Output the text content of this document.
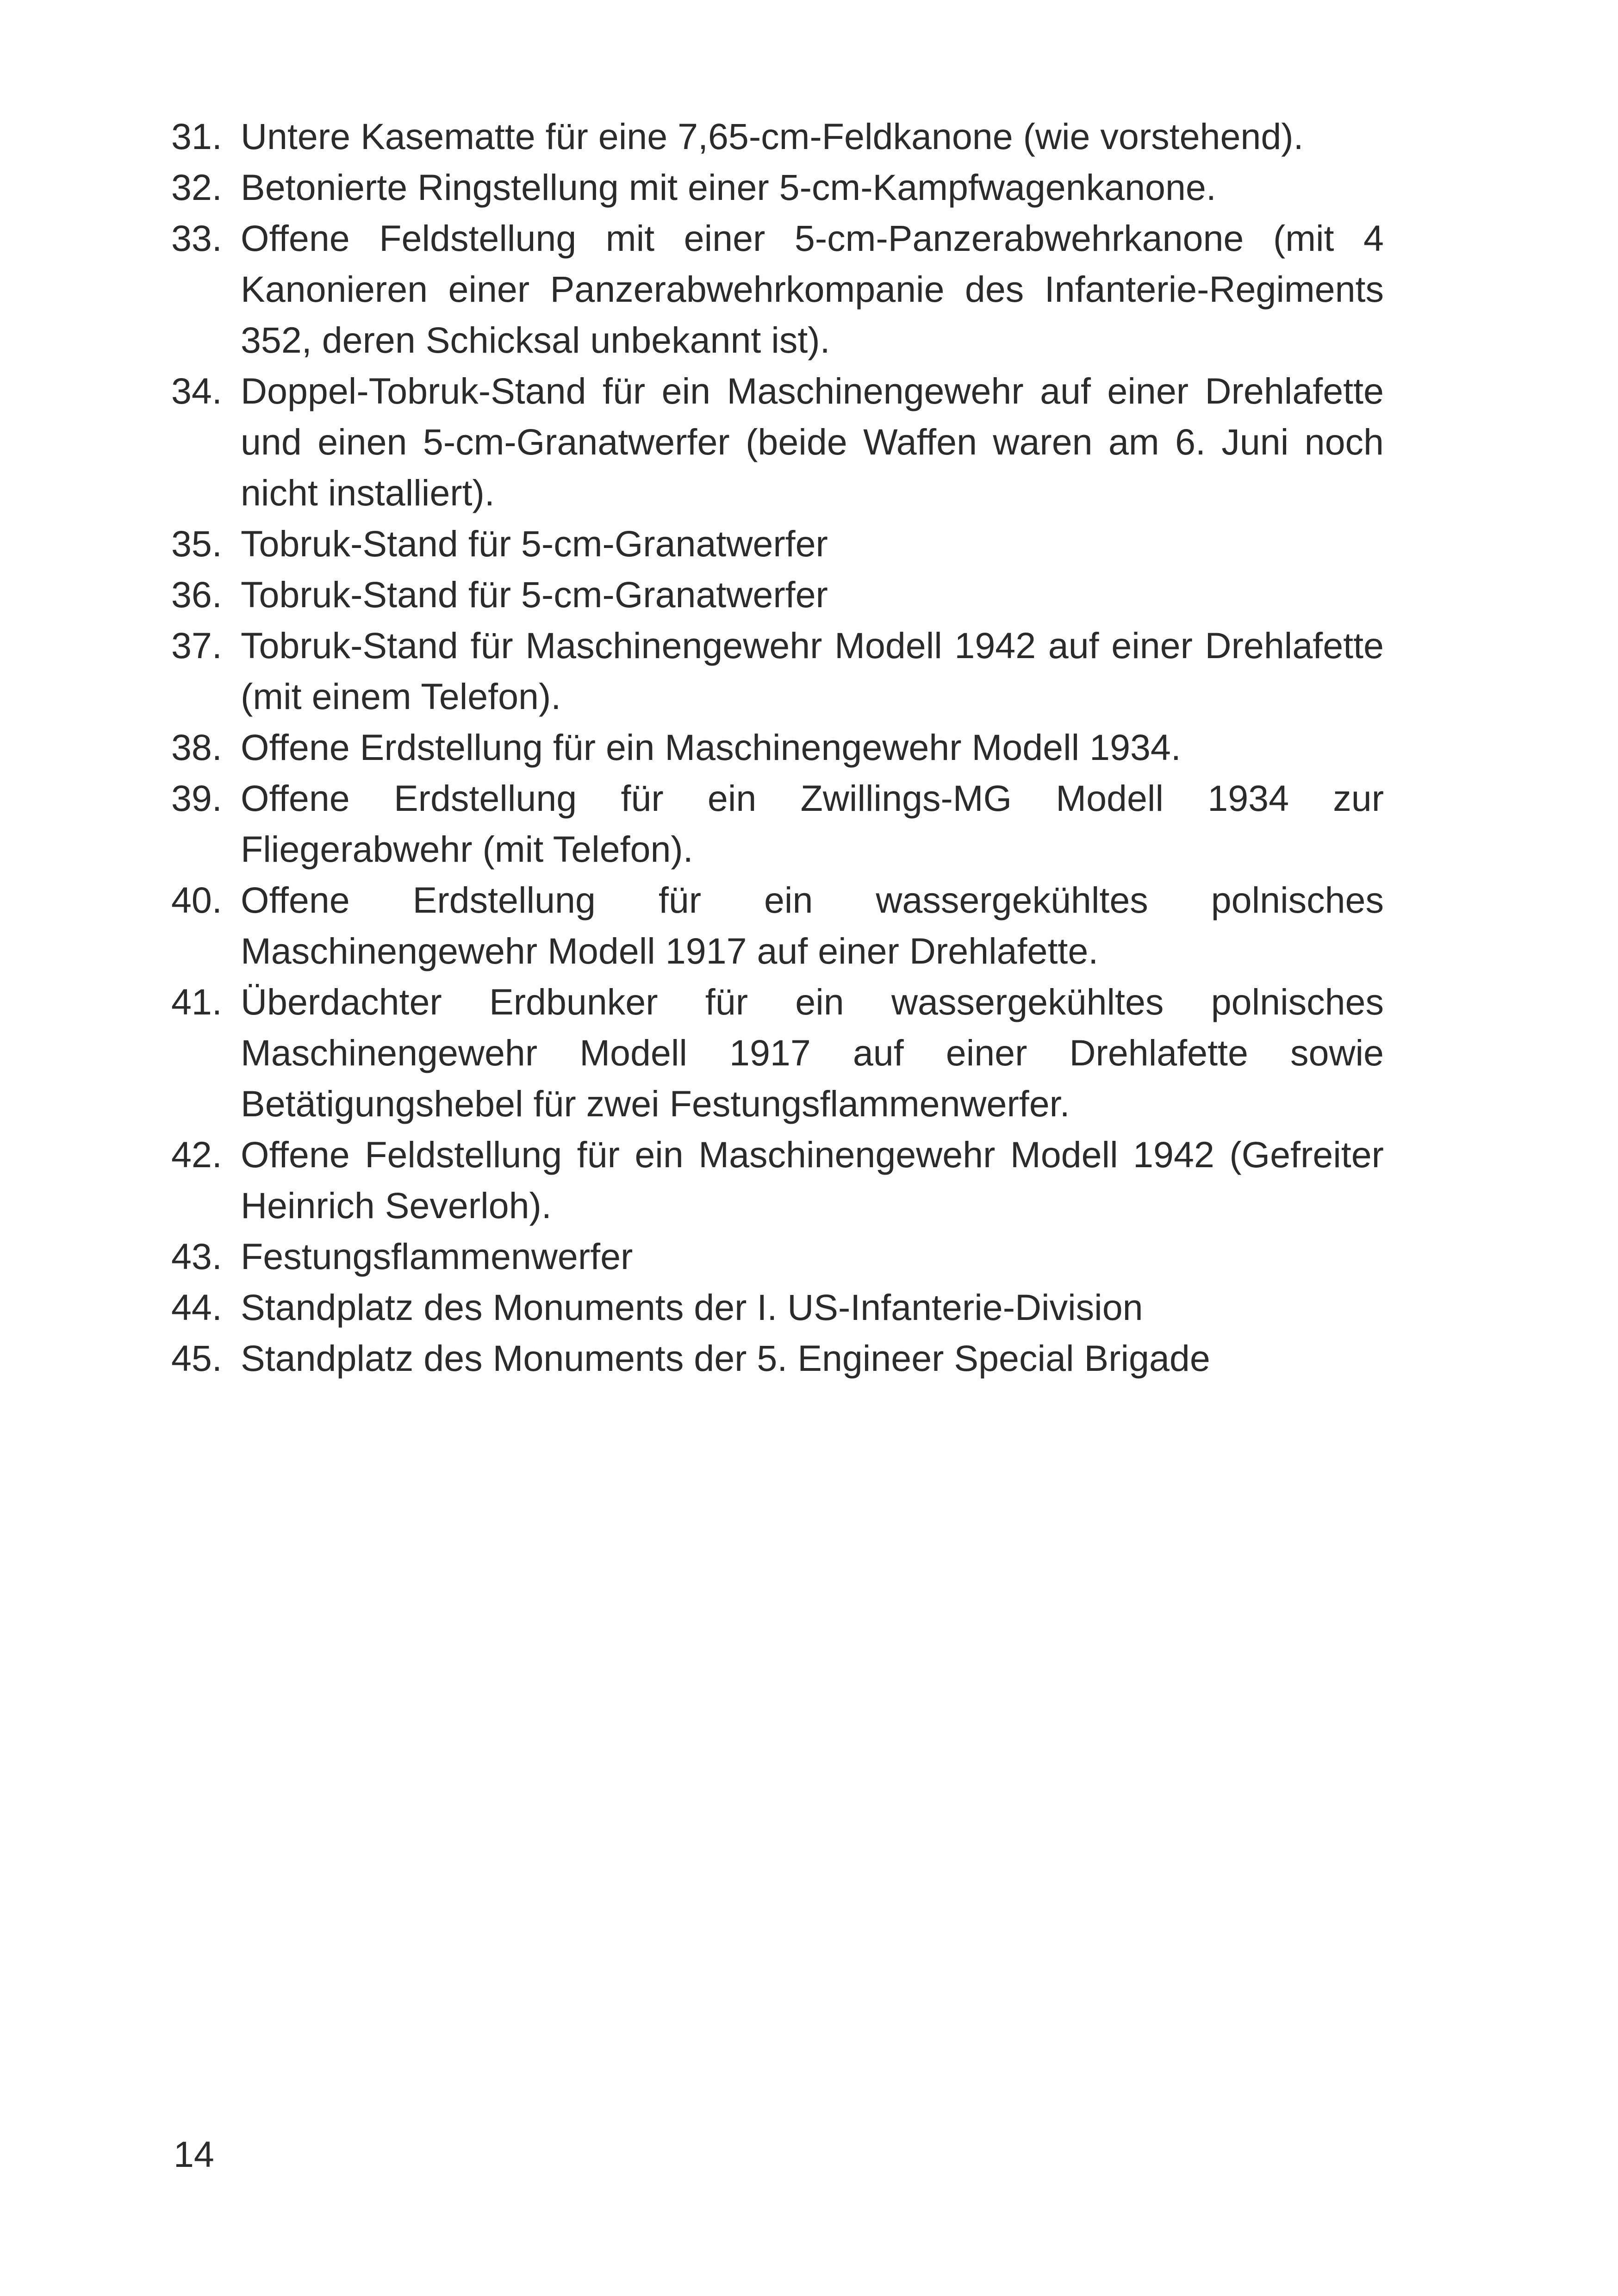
31. Untere Kasematte für eine 7,65-cm-Feldkanone (wie vorstehend).
32. Betonierte Ringstellung mit einer 5-cm-Kampfwagenkanone.
33. Offene Feldstellung mit einer 5-cm-Panzerabwehrkanone (mit 4 Kanonieren einer Panzerabwehrkompanie des Infanterie-Regiments 352, deren Schicksal unbekannt ist).
34. Doppel-Tobruk-Stand für ein Maschinengewehr auf einer Drehlafette und einen 5-cm-Granatwerfer (beide Waffen waren am 6. Juni noch nicht installiert).
35. Tobruk-Stand für 5-cm-Granatwerfer
36. Tobruk-Stand für 5-cm-Granatwerfer
37. Tobruk-Stand für Maschinengewehr Modell 1942 auf einer Drehlafette (mit einem Telefon).
38. Offene Erdstellung für ein Maschinengewehr Modell 1934.
39. Offene Erdstellung für ein Zwillings-MG Modell 1934 zur Fliegerabwehr (mit Telefon).
40. Offene Erdstellung für ein wassergekühltes polnisches Maschinengewehr Modell 1917 auf einer Drehlafette.
41. Überdachter Erdbunker für ein wassergekühltes polnisches Maschinengewehr Modell 1917 auf einer Drehlafette sowie Betätigungshebel für zwei Festungsflammenwerfer.
42. Offene Feldstellung für ein Maschinengewehr Modell 1942 (Gefreiter Heinrich Severloh).
43. Festungsflammenwerfer
44. Standplatz des Monuments der I. US-Infanterie-Division
45. Standplatz des Monuments der 5. Engineer Special Brigade
14
